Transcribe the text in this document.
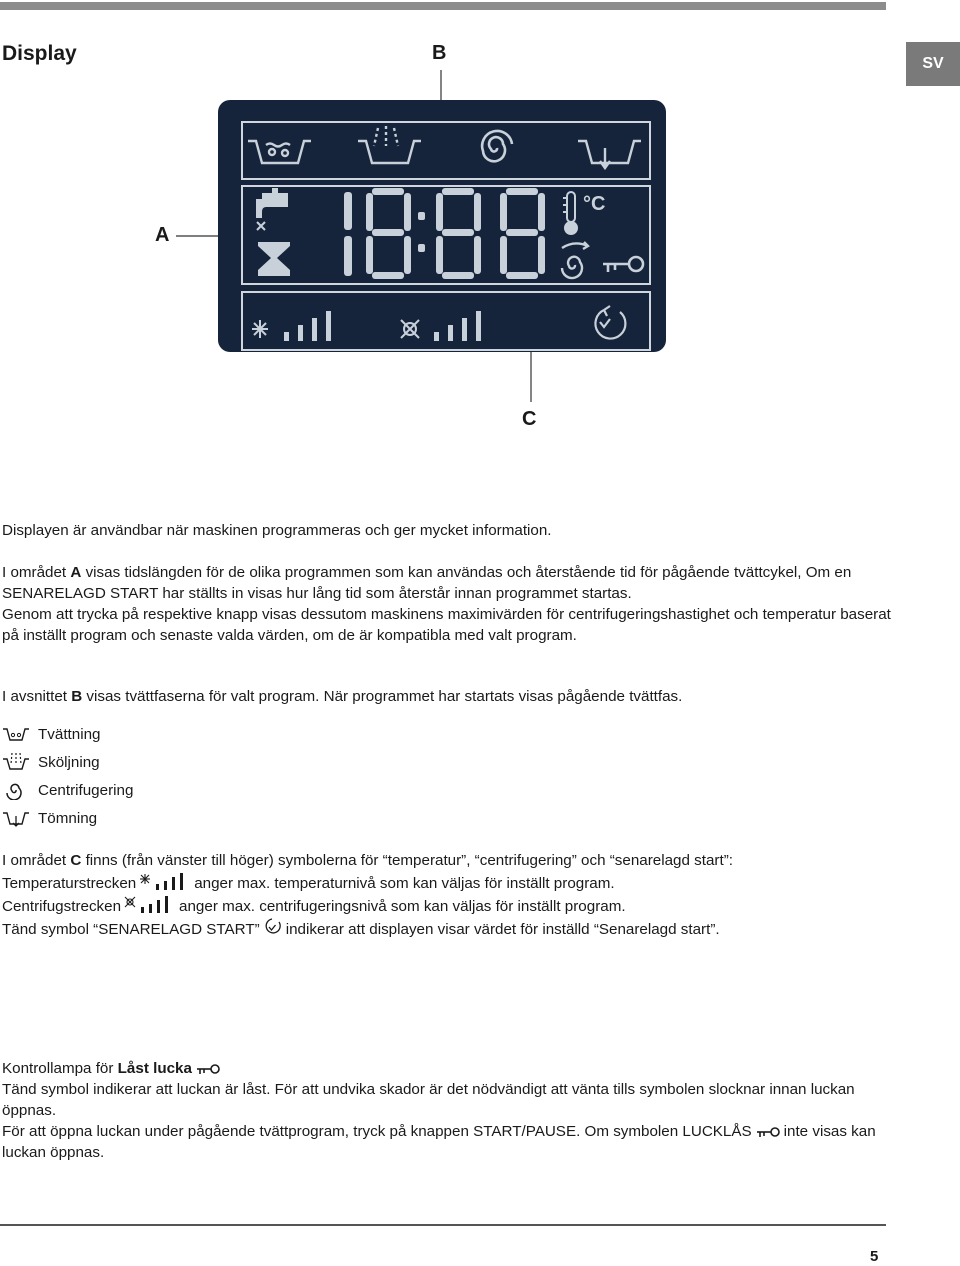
Display	SV
B
A
C
°C
Displayen är användbar när maskinen programmeras och ger mycket information.
I området A visas tidslängden för de olika programmen som kan användas och återstående tid för pågående tvättcykel, Om en SENARELAGD START har ställts in visas hur lång tid som återstår innan programmet startas.
Genom att trycka på respektive knapp visas dessutom maskinens maximivärden för centrifugeringshastighet och temperatur baserat på inställt program och senaste valda värden, om de är kompatibla med valt program.
I avsnittet B visas tvättfaserna för valt program. När programmet har startats visas pågående tvättfas.
Tvättning
Sköljning
Centrifugering
Tömning
I området C finns (från vänster till höger) symbolerna för “temperatur”, “centrifugering” och “senarelagd start”:
Temperaturstrecken	anger max. temperaturnivå som kan väljas för inställt program.
Centrifugstrecken	anger max. centrifugeringsnivå som kan väljas för inställt program.
Tänd symbol “SENARELAGD START” indikerar att displayen visar värdet för inställd “Senarelagd start”.
Kontrollampa för Låst lucka
Tänd symbol indikerar att luckan är låst. För att undvika skador är det nödvändigt att vänta tills symbolen slocknar innan luckan öppnas.
För att öppna luckan under pågående tvättprogram, tryck på knappen START/PAUSE. Om symbolen LUCKLÅS inte visas kan luckan öppnas.
5
